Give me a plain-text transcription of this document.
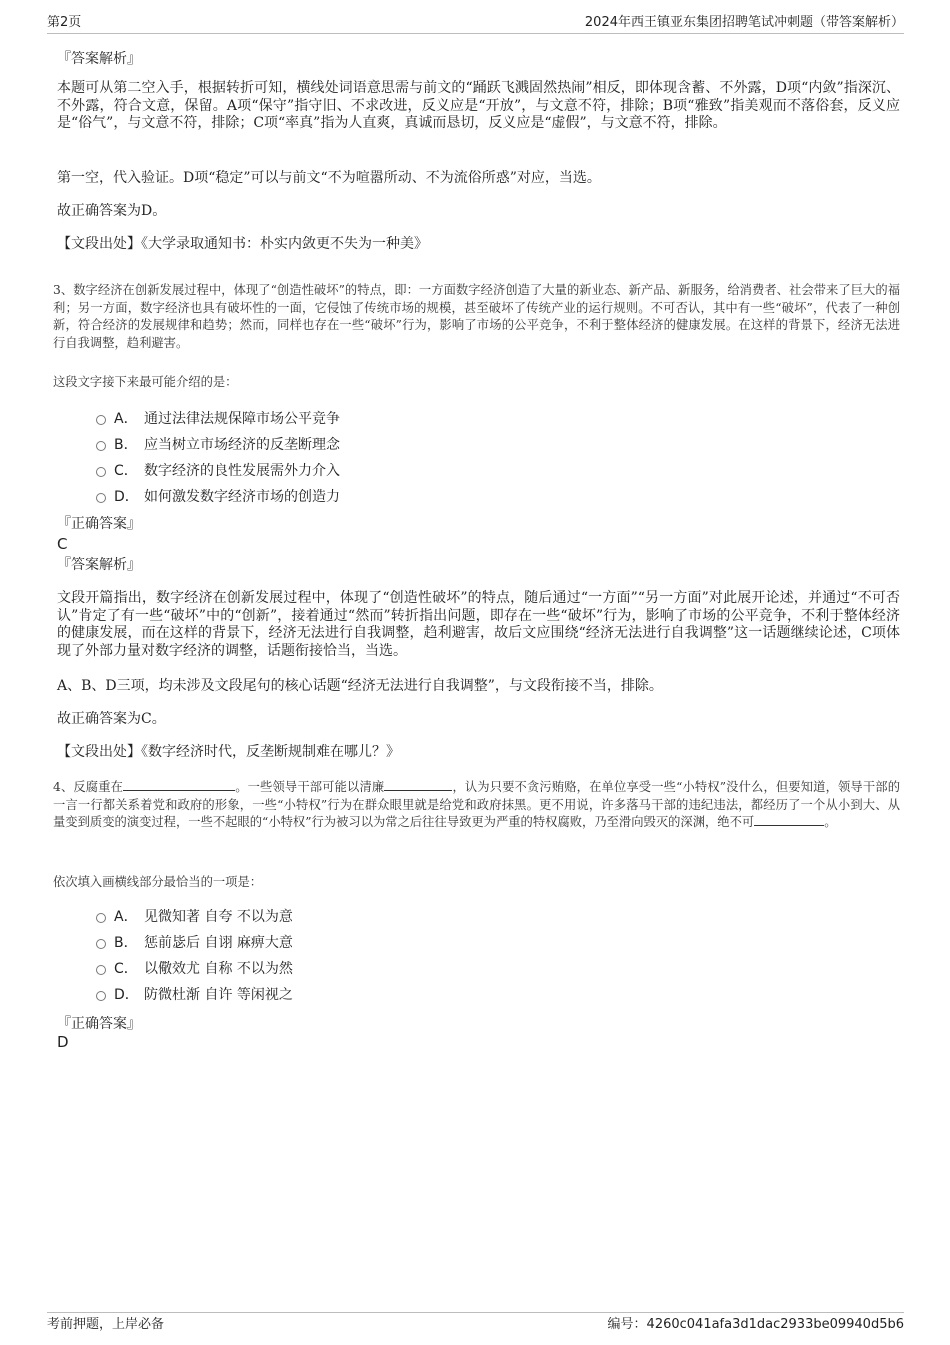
第2页	2024年西王镇亚东集团招聘笔试冲刺题（带答案解析）
『答案解析』

本题可从第二空入手，根据转折可知，横线处词语意思需与前文的“踊跃飞溅固然热闹”相反，即体现含蓄、不外露，D项“内敛”指深沉、不外露，符合文意，保留。A项“保守”指守旧、不求改进，反义应是“开放”，与文意不符，排除；B项“雅致”指美观而不落俗套，反义应是“俗气”，与文意不符，排除；C项“率真”指为人直爽，真诚而恳切，反义应是“虚假”，与文意不符，排除。

第一空，代入验证。D项“稳定”可以与前文“不为喧嚣所动、不为流俗所惑”对应，当选。

故正确答案为D。

【文段出处】《大学录取通知书：朴实内敛更不失为一种美》

3、数字经济在创新发展过程中，体现了“创造性破坏”的特点，即：一方面数字经济创造了大量的新业态、新产品、新服务，给消费者、社会带来了巨大的福利；另一方面，数字经济也具有破坏性的一面，它侵蚀了传统市场的规模，甚至破坏了传统产业的运行规则。不可否认，其中有一些“破坏”，代表了一种创新，符合经济的发展规律和趋势；然而，同样也存在一些“破坏”行为，影响了市场的公平竞争，不利于整体经济的健康发展。在这样的背景下，经济无法进行自我调整，趋利避害。

这段文字接下来最可能介绍的是：

A． 通过法律法规保障市场公平竞争
B． 应当树立市场经济的反垄断理念
C． 数字经济的良性发展需外力介入
D． 如何激发数字经济市场的创造力
『正确答案』
C
『答案解析』

文段开篇指出，数字经济在创新发展过程中，体现了“创造性破坏”的特点，随后通过“一方面”“另一方面”对此展开论述，并通过“不可否认”肯定了有一些“破坏”中的“创新”，接着通过“然而”转折指出问题，即存在一些“破坏”行为，影响了市场的公平竞争，不利于整体经济的健康发展，而在这样的背景下，经济无法进行自我调整，趋利避害，故后文应围绕“经济无法进行自我调整”这一话题继续论述，C项体现了外部力量对数字经济的调整，话题衔接恰当，当选。

A、B、D三项，均未涉及文段尾句的核心话题“经济无法进行自我调整”，与文段衔接不当，排除。

故正确答案为C。

【文段出处】《数字经济时代，反垄断规制难在哪儿？》

4、反腐重在	。一些领导干部可能以清廉	，认为只要不贪污贿赂，在单位享受一些“小特权”没什么，但要知道，领导干部的一言一行都关系着党和政府的形象，一些“小特权”行为在群众眼里就是给党和政府抹黑。更不用说，许多落马干部的违纪违法，都经历了一个从小到大、从量变到质变的演变过程，一些不起眼的“小特权”行为被习以为常之后往往导致更为严重的特权腐败，乃至滑向毁灭的深渊，绝不可	。

依次填入画横线部分最恰当的一项是：

A． 见微知著 自夸 不以为意
B． 惩前毖后 自诩 麻痹大意
C． 以儆效尤 自称 不以为然
D． 防微杜渐 自许 等闲视之
『正确答案』
D
考前押题，上岸必备	编号：4260c041afa3d1dac2933be09940d5b6
